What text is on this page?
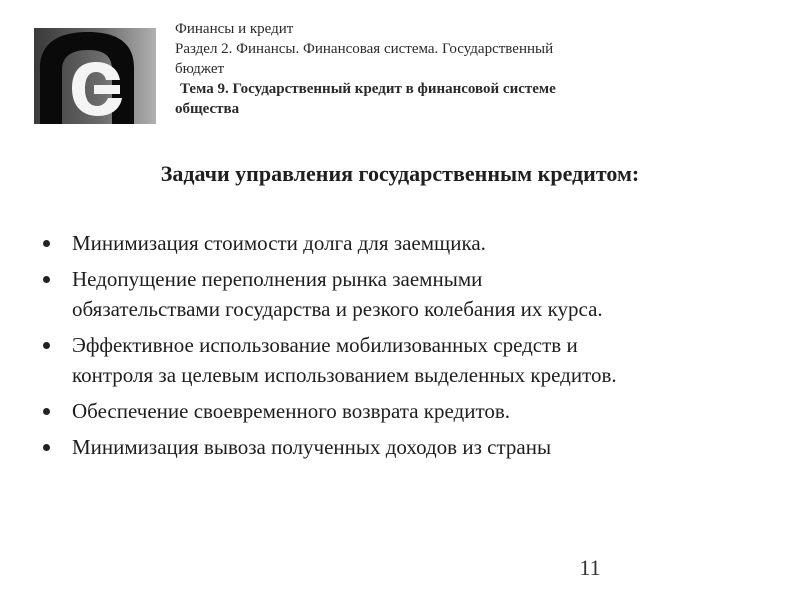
Финансы и кредит
Раздел 2. Финансы. Финансовая система. Государственный
бюджет
Тема 9. Государственный кредит в финансовой системе
общества
Задачи управления государственным кредитом:
Минимизация стоимости долга для заемщика.
Недопущение переполнения рынка заемными
обязательствами государства и резкого колебания их курса.
Эффективное использование мобилизованных средств и
контроля за целевым использованием выделенных кредитов.
Обеспечение своевременного возврата кредитов.
Минимизация вывоза полученных доходов из страны
11
